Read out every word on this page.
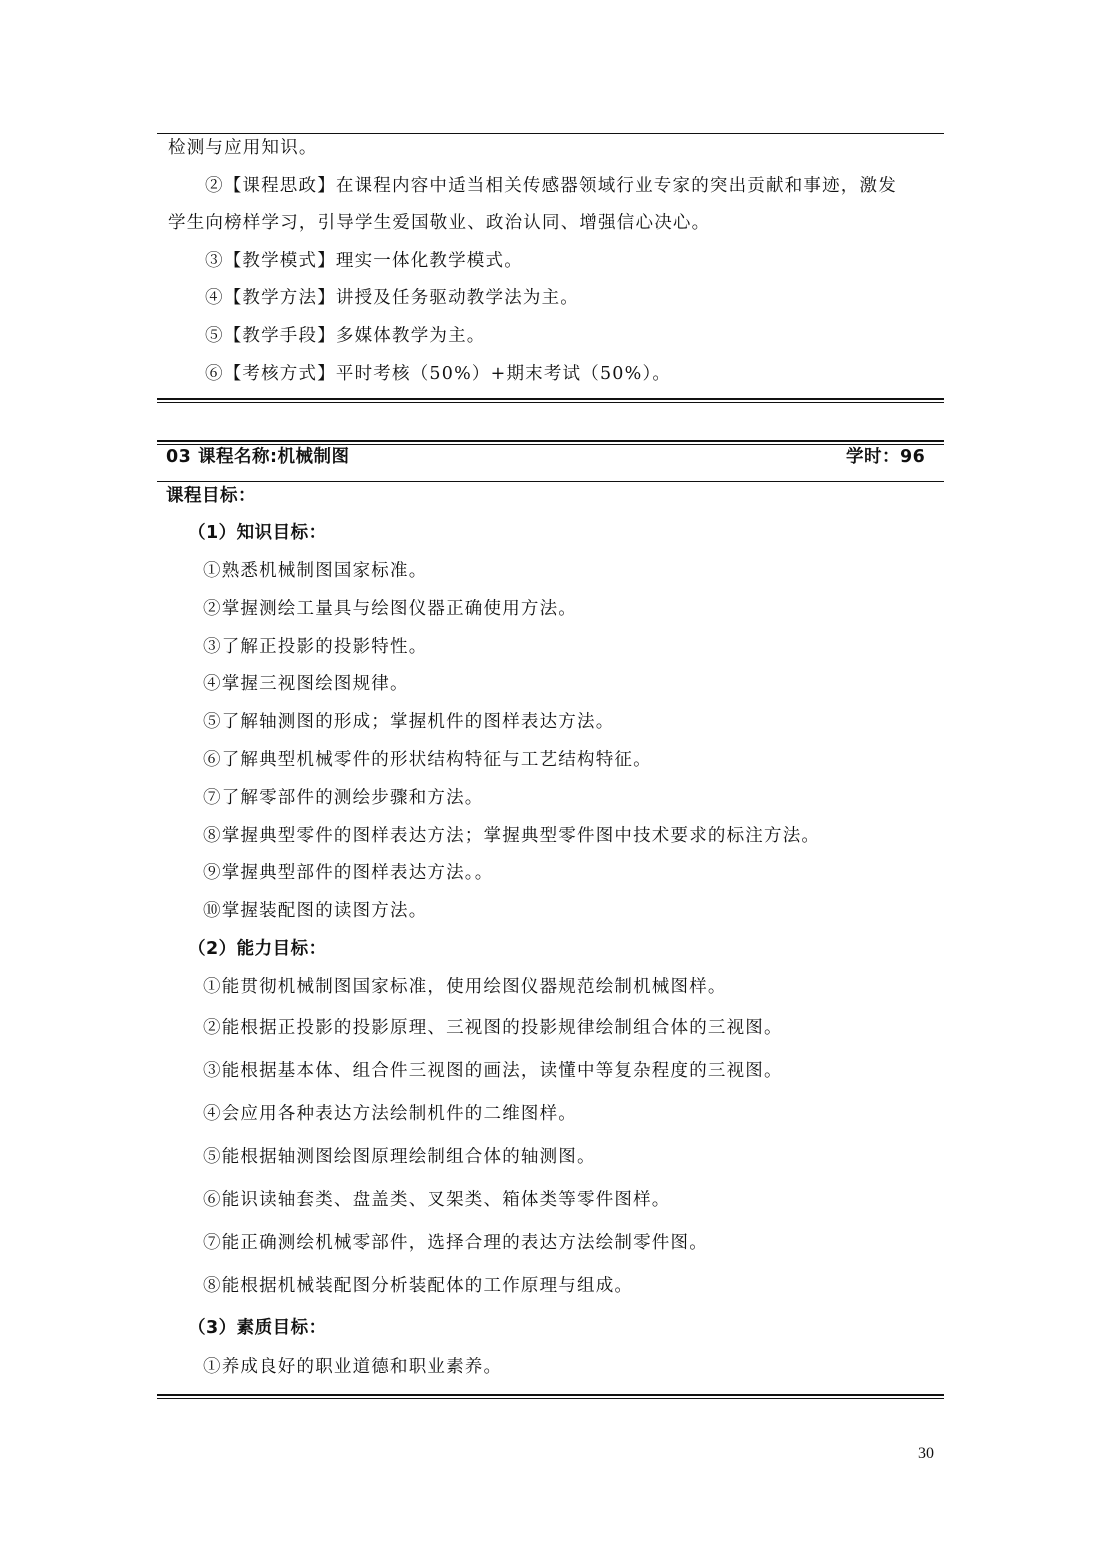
检测与应用知识。
②【课程思政】在课程内容中适当相关传感器领域行业专家的突出贡献和事迹，激发
学生向榜样学习，引导学生爱国敬业、政治认同、增强信心决心。
③【教学模式】理实一体化教学模式。
④【教学方法】讲授及任务驱动教学法为主。
⑤【教学手段】多媒体教学为主。
⑥【考核方式】平时考核（50%）+期末考试（50%）。
03 课程名称:机械制图	学时：96
课程目标：
（1）知识目标：
①熟悉机械制图国家标准。
②掌握测绘工量具与绘图仪器正确使用方法。
③了解正投影的投影特性。
④掌握三视图绘图规律。
⑤了解轴测图的形成；掌握机件的图样表达方法。
⑥了解典型机械零件的形状结构特征与工艺结构特征。
⑦了解零部件的测绘步骤和方法。
⑧掌握典型零件的图样表达方法；掌握典型零件图中技术要求的标注方法。
⑨掌握典型部件的图样表达方法。。
⑩掌握装配图的读图方法。
（2）能力目标：
①能贯彻机械制图国家标准，使用绘图仪器规范绘制机械图样。
②能根据正投影的投影原理、三视图的投影规律绘制组合体的三视图。
③能根据基本体、组合件三视图的画法，读懂中等复杂程度的三视图。
④会应用各种表达方法绘制机件的二维图样。
⑤能根据轴测图绘图原理绘制组合体的轴测图。
⑥能识读轴套类、盘盖类、叉架类、箱体类等零件图样。
⑦能正确测绘机械零部件，选择合理的表达方法绘制零件图。
⑧能根据机械装配图分析装配体的工作原理与组成。
（3）素质目标：
①养成良好的职业道德和职业素养。
30
